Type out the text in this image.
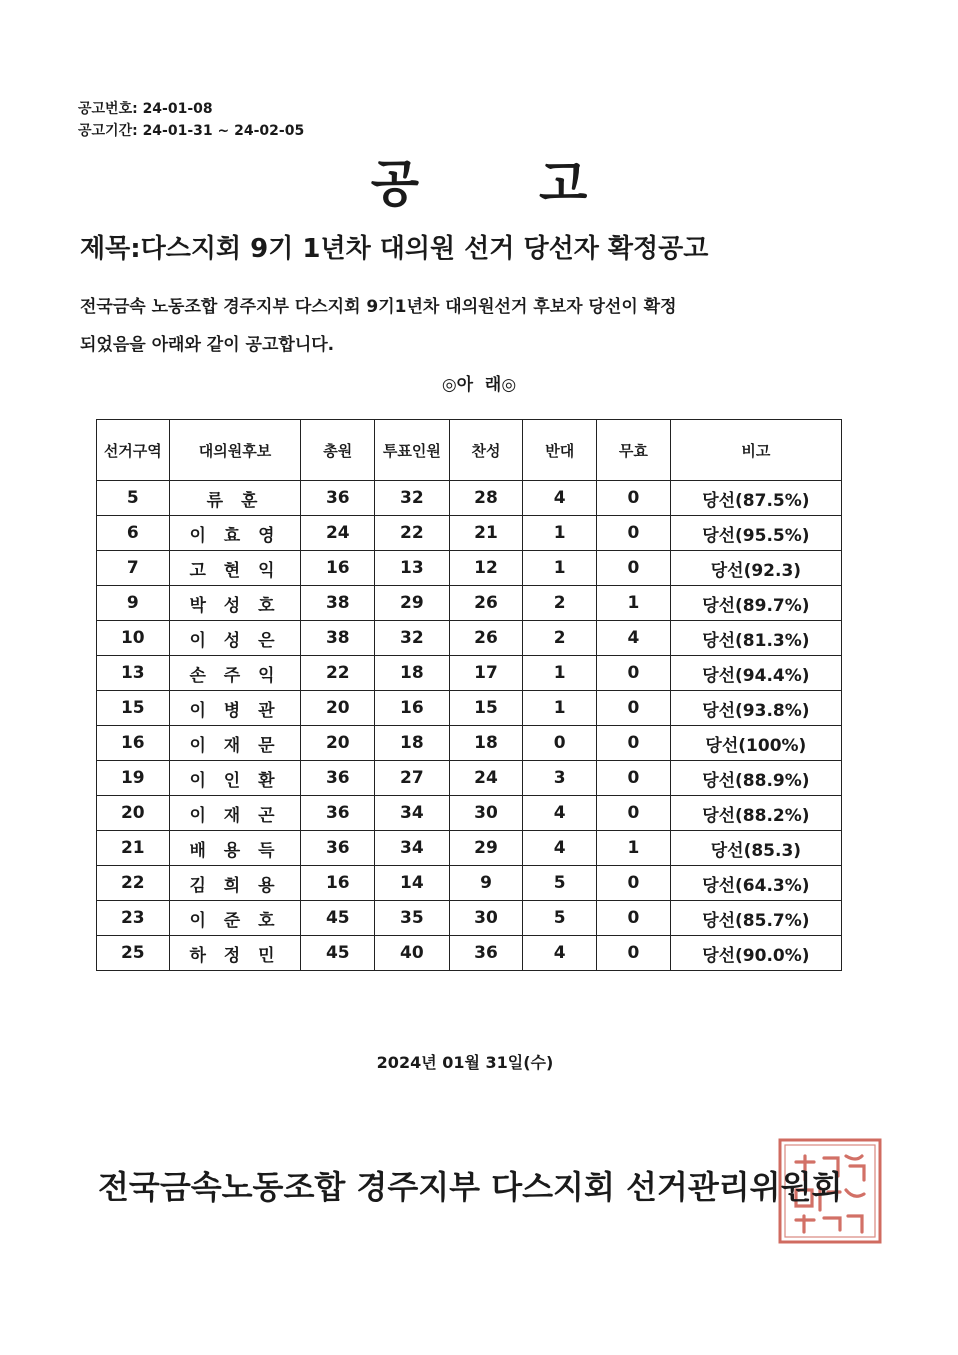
공고번호: 24-01-08
공고기간: 24-01-31 ~ 24-02-05
공 고
제목:다스지회 9기 1년차 대의원 선거 당선자 확정공고
전국금속 노동조합 경주지부 다스지회 9기1년차 대의원선거 후보자 당선이 확정
되었음을 아래와 같이 공고합니다.
◎아  래◎
선거구역	대의원후보	총원	투표인원	찬성	반대	무효	비고
5	류 훈	36	32	28	4	0	당선(87.5%)
6	이 효 영	24	22	21	1	0	당선(95.5%)
7	고 현 익	16	13	12	1	0	당선(92.3)
9	박 성 호	38	29	26	2	1	당선(89.7%)
10	이 성 은	38	32	26	2	4	당선(81.3%)
13	손 주 익	22	18	17	1	0	당선(94.4%)
15	이 병 관	20	16	15	1	0	당선(93.8%)
16	이 재 문	20	18	18	0	0	당선(100%)
19	이 인 환	36	27	24	3	0	당선(88.9%)
20	이 재 곤	36	34	30	4	0	당선(88.2%)
21	배 용 득	36	34	29	4	1	당선(85.3)
22	김 희 용	16	14	9	5	0	당선(64.3%)
23	이 준 호	45	35	30	5	0	당선(85.7%)
25	하 정 민	45	40	36	4	0	당선(90.0%)
2024년 01월 31일(수)
전국금속노동조합 경주지부 다스지회 선거관리위원회
